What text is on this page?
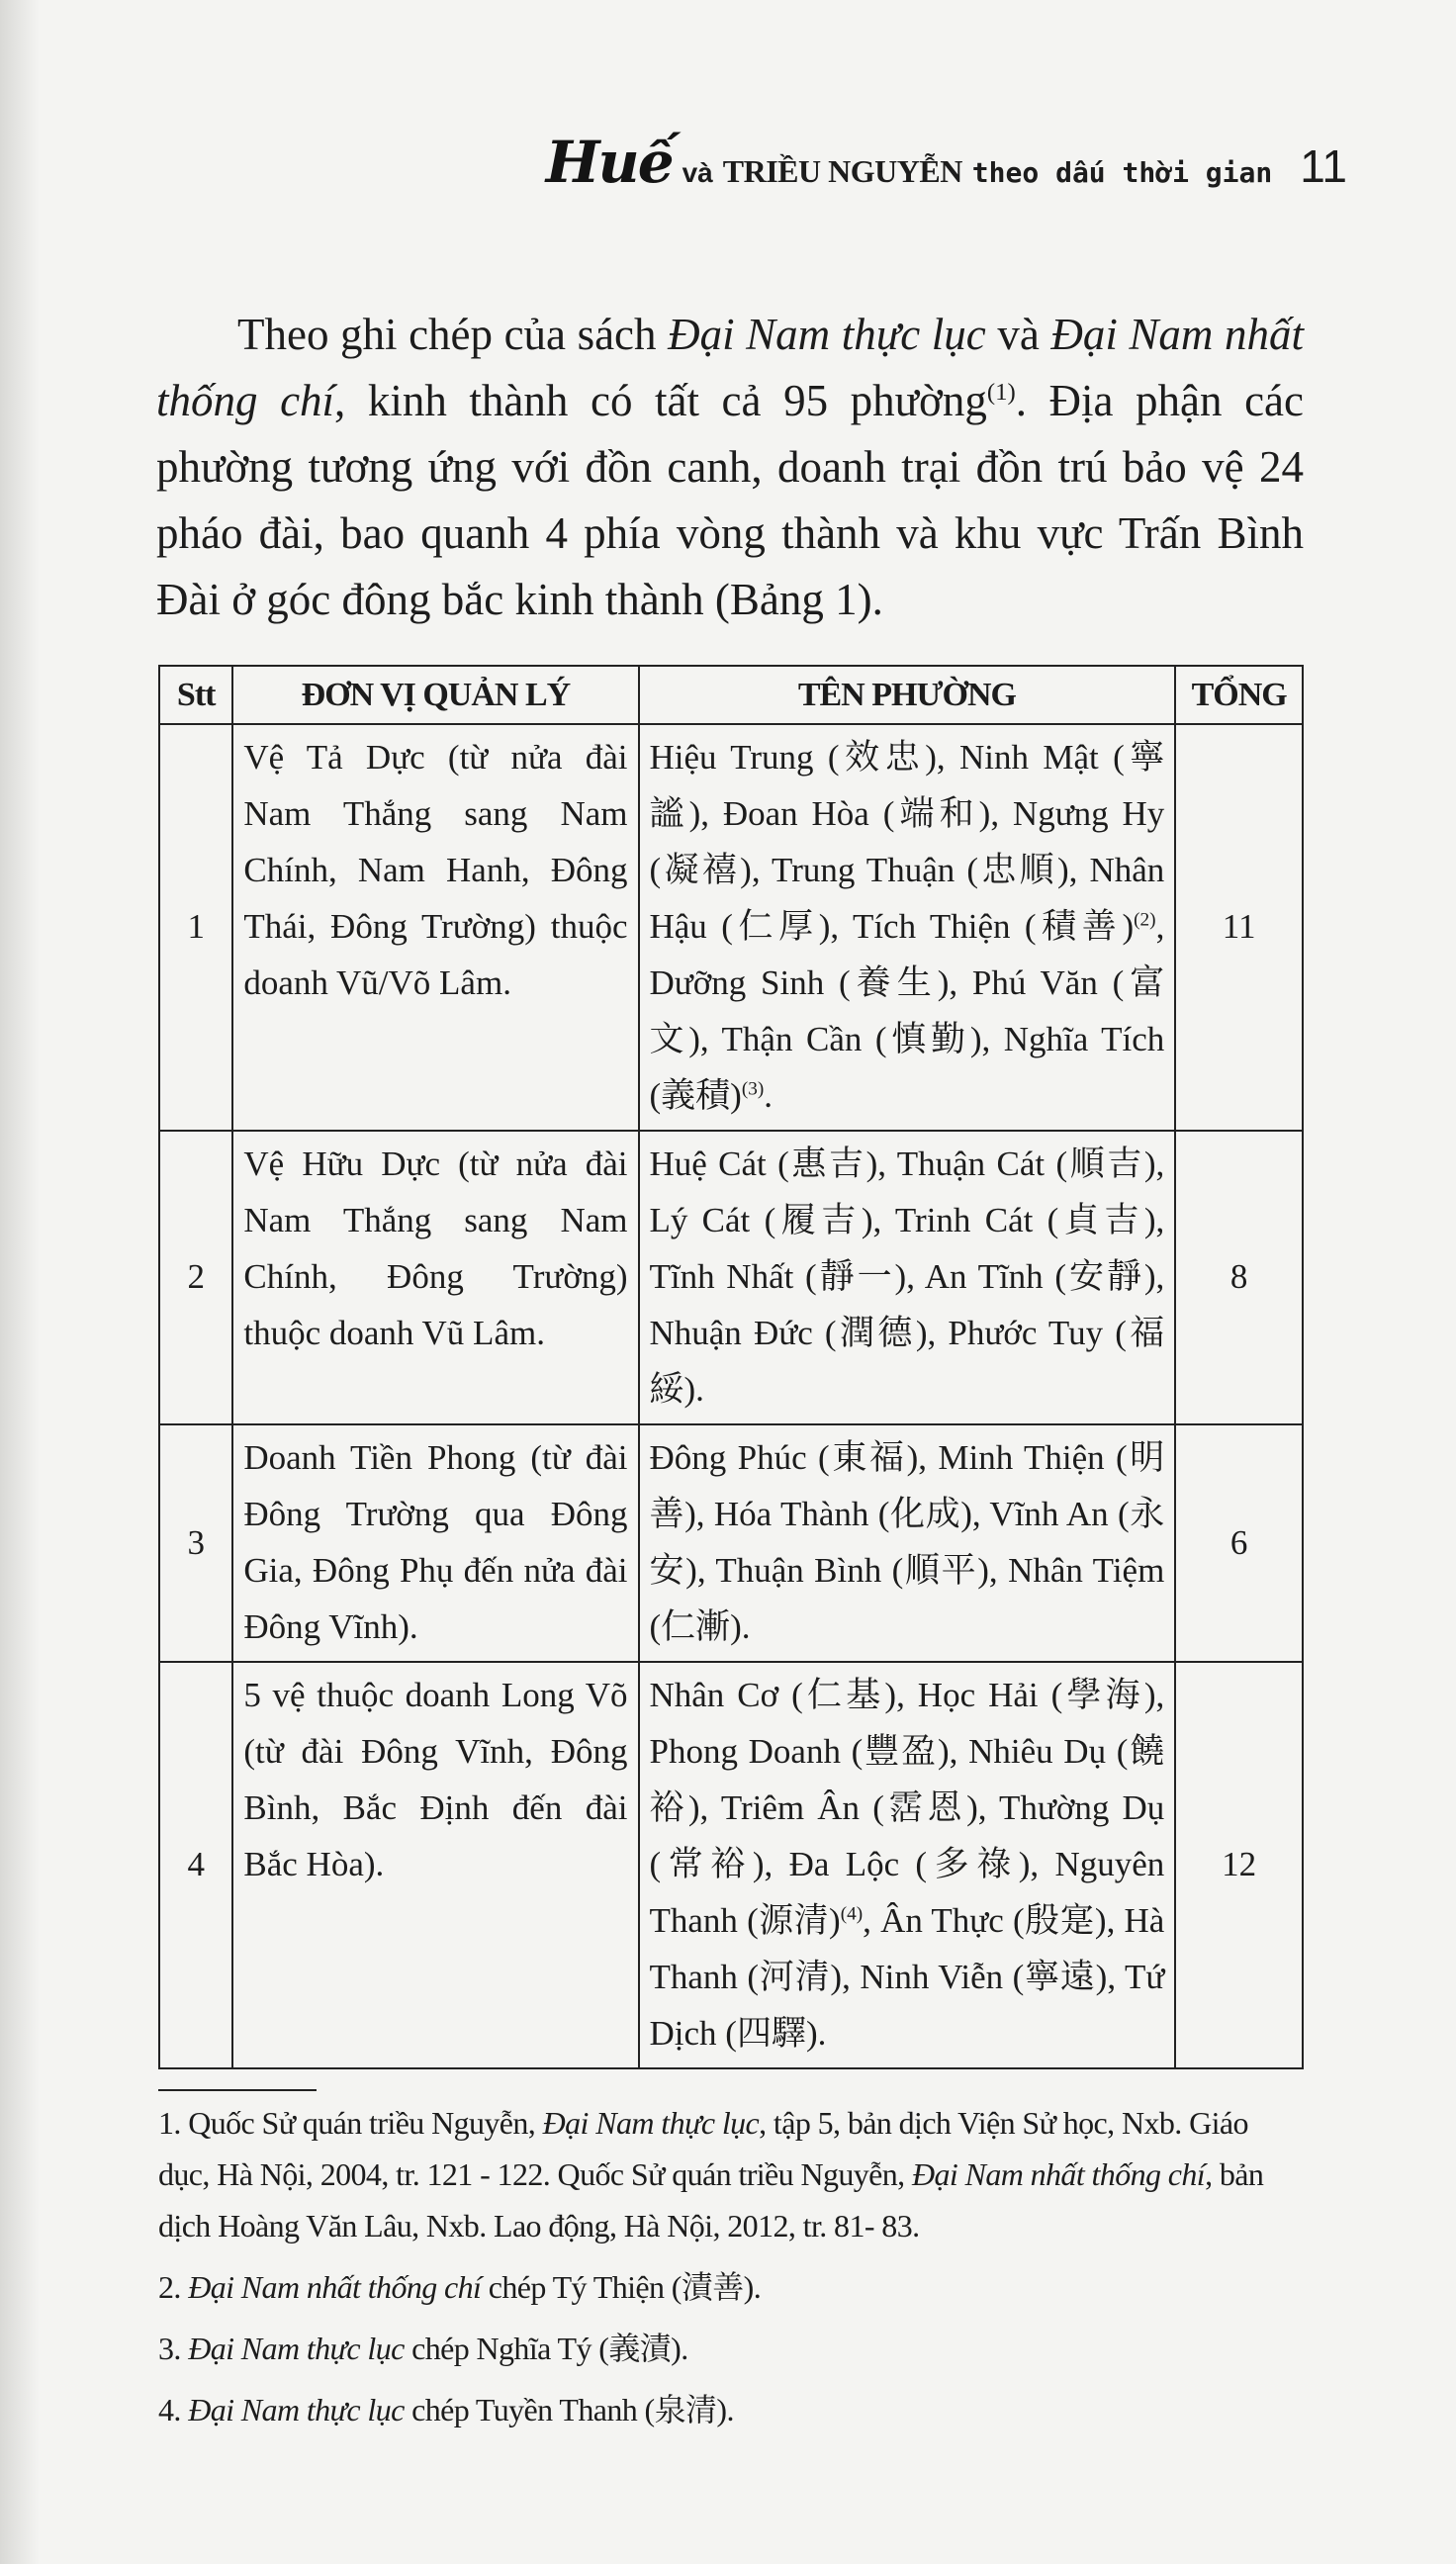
Huế và TRIỀU NGUYỄN theo dấu thời gian 11

Theo ghi chép của sách Đại Nam thực lục và Đại Nam nhất thống chí, kinh thành có tất cả 95 phường$^{(1)}$. Địa phận các phường tương ứng với đồn canh, doanh trại đồn trú bảo vệ 24 pháo đài, bao quanh 4 phía vòng thành và khu vực Trấn Bình Đài ở góc đông bắc kinh thành (Bảng 1).

Stt	ĐƠN VỊ QUẢN LÝ	TÊN PHƯỜNG	TỔNG
1	Vệ Tả Dực (từ nửa đài Nam Thắng sang Nam Chính, Nam Hanh, Đông Thái, Đông Trường) thuộc doanh Vũ/Võ Lâm.	Hiệu Trung (效忠), Ninh Mật (寧謐), Đoan Hòa (端和), Ngưng Hy (凝禧), Trung Thuận (忠順), Nhân Hậu (仁厚), Tích Thiện (積善)$^{(2)}$, Dưỡng Sinh (養生), Phú Văn (富文), Thận Cần (慎勤), Nghĩa Tích (義積)$^{(3)}$.	11
2	Vệ Hữu Dực (từ nửa đài Nam Thắng sang Nam Chính, Đông Trường) thuộc doanh Vũ Lâm.	Huệ Cát (惠吉), Thuận Cát (順吉), Lý Cát (履吉), Trinh Cát (貞吉), Tĩnh Nhất (靜一), An Tĩnh (安靜), Nhuận Đức (潤德), Phước Tuy (福綏).	8
3	Doanh Tiền Phong (từ đài Đông Trường qua Đông Gia, Đông Phụ đến nửa đài Đông Vĩnh).	Đông Phúc (東福), Minh Thiện (明善), Hóa Thành (化成), Vĩnh An (永安), Thuận Bình (順平), Nhân Tiệm (仁漸).	6
4	5 vệ thuộc doanh Long Võ (từ đài Đông Vĩnh, Đông Bình, Bắc Định đến đài Bắc Hòa).	Nhân Cơ (仁基), Học Hải (學海), Phong Doanh (豐盈), Nhiêu Dụ (饒裕), Triêm Ân (霑恩), Thường Dụ (常裕), Đa Lộc (多祿), Nguyên Thanh (源清)$^{(4)}$, Ân Thực (殷寔), Hà Thanh (河清), Ninh Viễn (寧遠), Tứ Dịch (四驛).	12

1. Quốc Sử quán triều Nguyễn, Đại Nam thực lục, tập 5, bản dịch Viện Sử học, Nxb. Giáo dục, Hà Nội, 2004, tr. 121 - 122. Quốc Sử quán triều Nguyễn, Đại Nam nhất thống chí, bản dịch Hoàng Văn Lâu, Nxb. Lao động, Hà Nội, 2012, tr. 81- 83.

2. Đại Nam nhất thống chí chép Tý Thiện (漬善).

3. Đại Nam thực lục chép Nghĩa Tý (義漬).

4. Đại Nam thực lục chép Tuyền Thanh (泉清).
